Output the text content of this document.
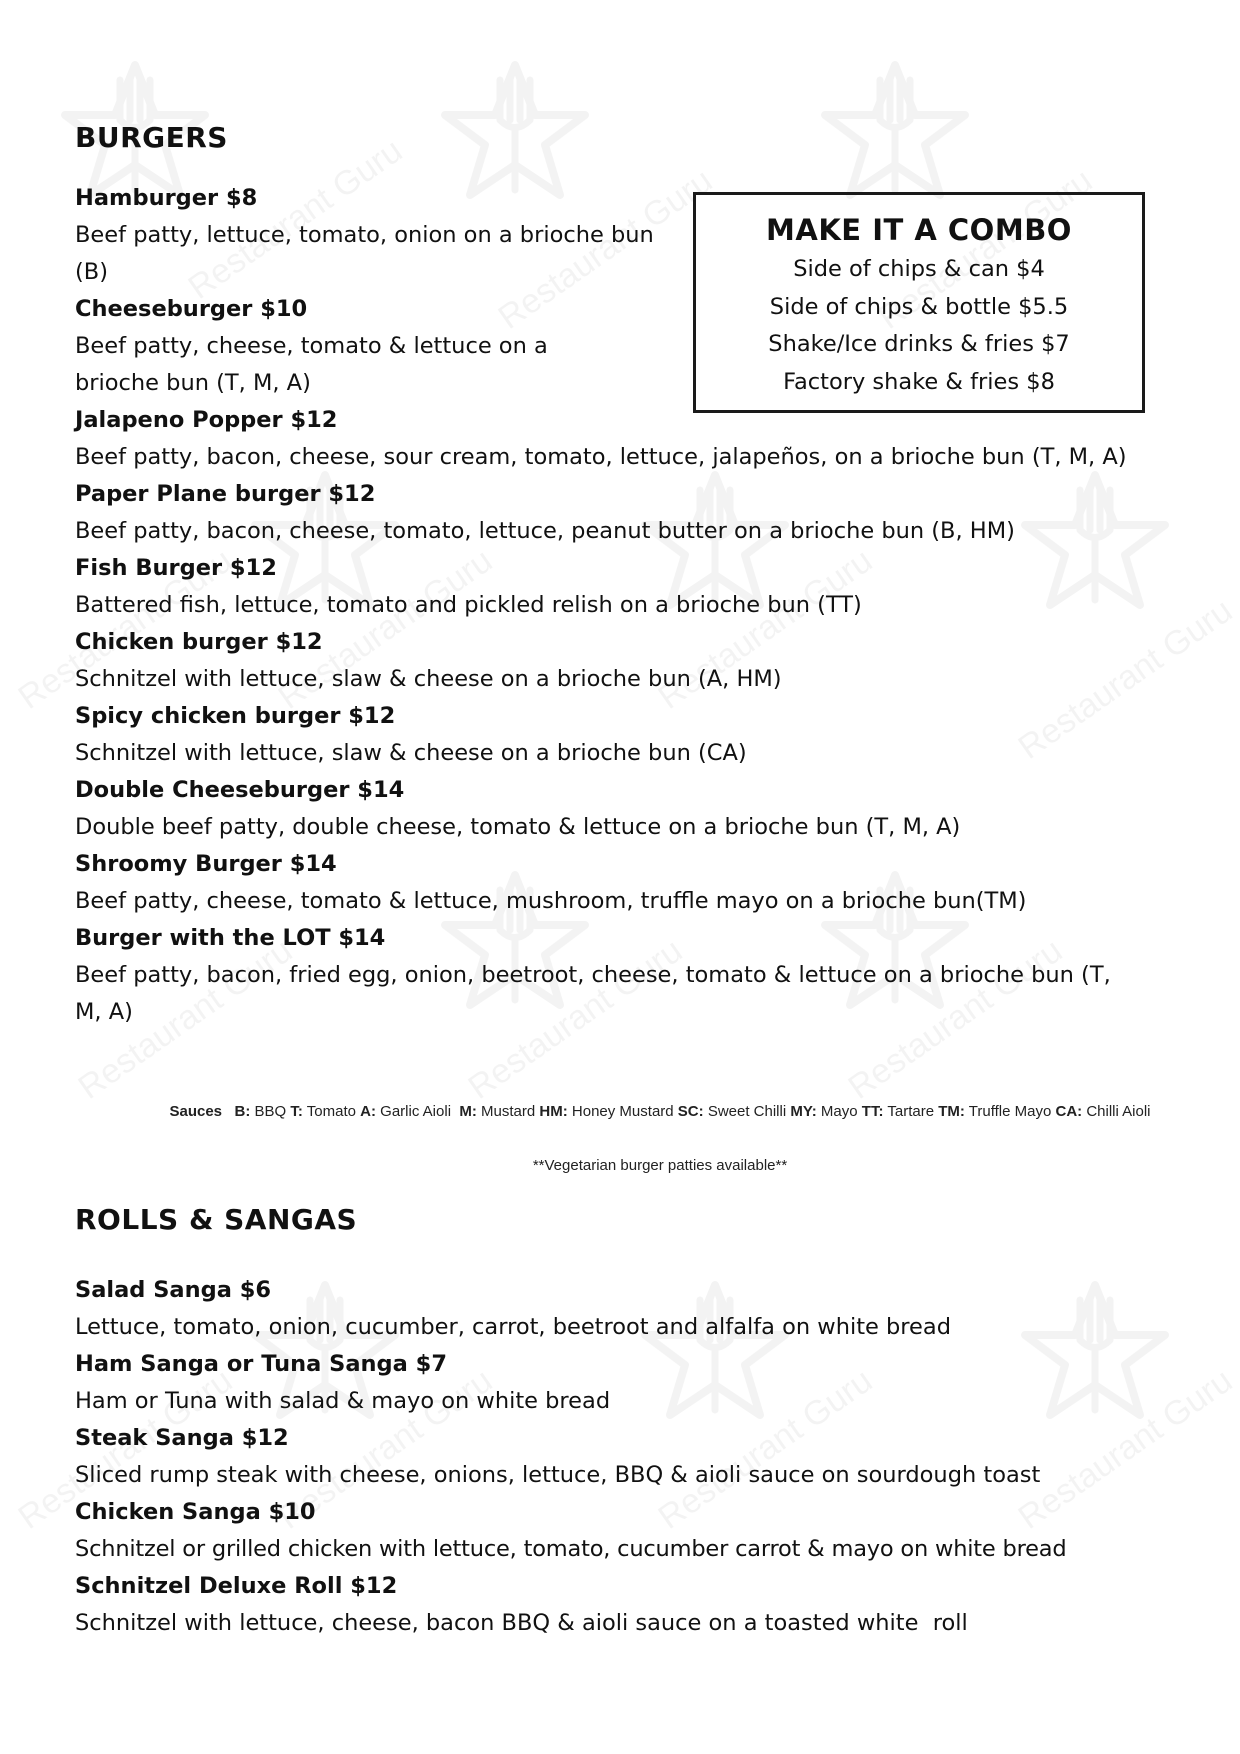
BURGERS
Hamburger $8

Beef patty, lettuce, tomato, onion on a brioche bun (B)

Cheeseburger $10

Beef patty, cheese, tomato & lettuce on a brioche bun (T, M, A)

Jalapeno Popper $12

Beef patty, bacon, cheese, sour cream, tomato, lettuce, jalapeños, on a brioche bun (T, M, A)

Paper Plane burger $12

Beef patty, bacon, cheese, tomato, lettuce, peanut butter on a brioche bun (B, HM)

Fish Burger $12

Battered fish, lettuce, tomato and pickled relish on a brioche bun (TT)

Chicken burger $12

Schnitzel with lettuce, slaw & cheese on a brioche bun (A, HM)

Spicy chicken burger $12

Schnitzel with lettuce, slaw & cheese on a brioche bun (CA)

Double Cheeseburger $14

Double beef patty, double cheese, tomato & lettuce on a brioche bun (T, M, A)

Shroomy Burger $14

Beef patty, cheese, tomato & lettuce, mushroom, truffle mayo on a brioche bun(TM)

Burger with the LOT $14

Beef patty, bacon, fried egg, onion, beetroot, cheese, tomato & lettuce on a brioche bun (T, M, A)

MAKE IT A COMBO
Side of chips & can $4
Side of chips & bottle $5.5
Shake/Ice drinks & fries $7
Factory shake & fries $8
Sauces B: BBQ T: Tomato A: Garlic Aioli M: Mustard HM: Honey Mustard SC: Sweet Chilli MY: Mayo TT: Tartare TM: Truffle Mayo CA: Chilli Aioli
**Vegetarian burger patties available**
ROLLS & SANGAS
Salad Sanga $6

Lettuce, tomato, onion, cucumber, carrot, beetroot and alfalfa on white bread

Ham Sanga or Tuna Sanga $7

Ham or Tuna with salad & mayo on white bread

Steak Sanga $12

Sliced rump steak with cheese, onions, lettuce, BBQ & aioli sauce on sourdough toast

Chicken Sanga $10

Schnitzel or grilled chicken with lettuce, tomato, cucumber carrot & mayo on white bread

Schnitzel Deluxe Roll $12

Schnitzel with lettuce, cheese, bacon BBQ & aioli sauce on a toasted white  roll
